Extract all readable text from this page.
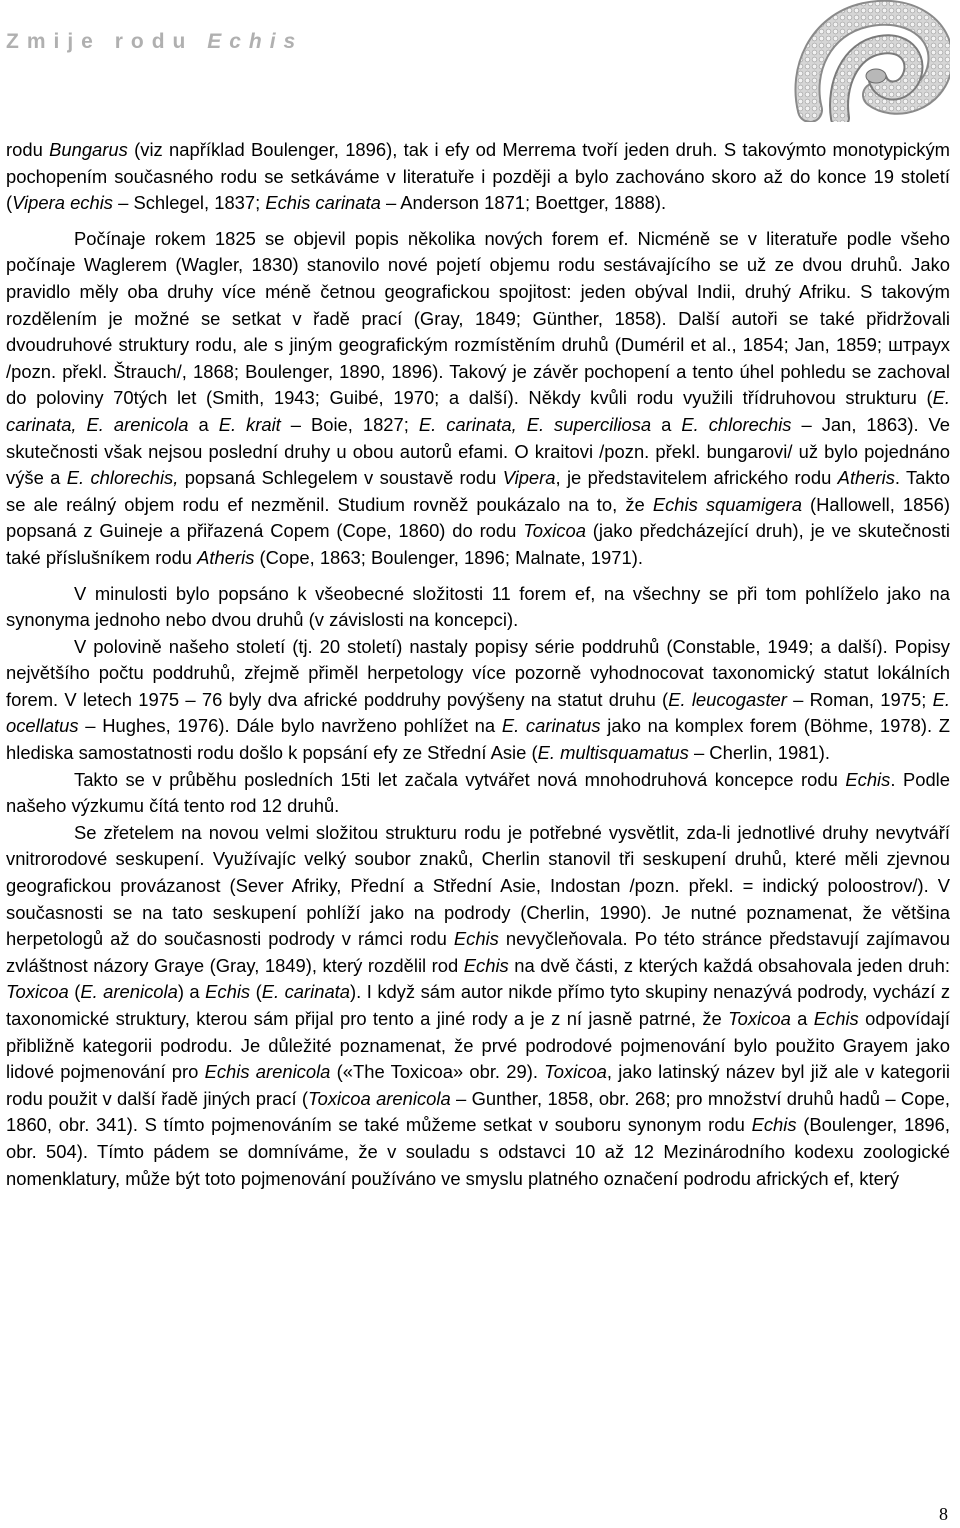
Zmije rodu Echis

rodu Bungarus (viz například Boulenger, 1896), tak i efy od Merrema tvoří jeden druh. S takovýmto monotypickým pochopením současného rodu se setkáváme v literatuře i později a bylo zachováno skoro až do konce 19 století (Vipera echis – Schlegel, 1837; Echis carinata – Anderson 1871; Boettger, 1888).

Počínaje rokem 1825 se objevil popis několika nových forem ef. Nicméně se v literatuře podle všeho počínaje Waglerem (Wagler, 1830) stanovilo nové pojetí objemu rodu sestávajícího se už ze dvou druhů. Jako pravidlo měly oba druhy více méně četnou geografickou spojitost: jeden obýval Indii, druhý Afriku. S takovým rozdělením je možné se setkat v řadě prací (Gray, 1849; Günther, 1858). Další autoři se také přidržovali dvoudruhové struktury rodu, ale s jiným geografickým rozmístěním druhů (Duméril et al., 1854; Jan, 1859; штраух /pozn. překl. Štrauch/, 1868; Boulenger, 1890, 1896). Takový je závěr pochopení a tento úhel pohledu se zachoval do poloviny 70tých let (Smith, 1943; Guibé, 1970; a další). Někdy kvůli rodu využili třídruhovou strukturu (E. carinata, E. arenicola a E. krait – Boie, 1827; E. carinata, E. superciliosa a E. chlorechis – Jan, 1863). Ve skutečnosti však nejsou poslední druhy u obou autorů efami. O kraitovi /pozn. překl. bungarovi/ už bylo pojednáno výše a E. chlorechis, popsaná Schlegelem v soustavě rodu Vipera, je představitelem afrického rodu Atheris. Takto se ale reálný objem rodu ef nezměnil. Studium rovněž poukázalo na to, že Echis squamigera (Hallowell, 1856) popsaná z Guineje a přiřazená Copem (Cope, 1860) do rodu Toxicoa (jako předcházející druh), je ve skutečnosti také příslušníkem rodu Atheris (Cope, 1863; Boulenger, 1896; Malnate, 1971).

V minulosti bylo popsáno k všeobecné složitosti 11 forem ef, na všechny se při tom pohlíželo jako na synonyma jednoho nebo dvou druhů (v závislosti na koncepci).

V polovině našeho století (tj. 20 století) nastaly popisy série poddruhů (Constable, 1949; a další). Popisy největšího počtu poddruhů, zřejmě přiměl herpetology více pozorně vyhodnocovat taxonomický statut lokálních forem. V letech 1975 – 76 byly dva africké poddruhy povýšeny na statut druhu (E. leucogaster – Roman, 1975; E. ocellatus – Hughes, 1976). Dále bylo navrženo pohlížet na E. carinatus jako na komplex forem (Böhme, 1978). Z hlediska samostatnosti rodu došlo k popsání efy ze Střední Asie (E. multisquamatus – Cherlin, 1981).

Takto se v průběhu posledních 15ti let začala vytvářet nová mnohodruhová koncepce rodu Echis. Podle našeho výzkumu čítá tento rod 12 druhů.

Se zřetelem na novou velmi složitou strukturu rodu je potřebné vysvětlit, zda-li jednotlivé druhy nevytváří vnitrorodové seskupení. Využívajíc velký soubor znaků, Cherlin stanovil tři seskupení druhů, které měli zjevnou geografickou provázanost (Sever Afriky, Přední a Střední Asie, Indostan /pozn. překl. = indický poloostrov/). V současnosti se na tato seskupení pohlíží jako na podrody (Cherlin, 1990). Je nutné poznamenat, že většina herpetologů až do současnosti podrody v rámci rodu Echis nevyčleňovala. Po této stránce představují zajímavou zvláštnost názory Graye (Gray, 1849), který rozdělil rod Echis na dvě části, z kterých každá obsahovala jeden druh: Toxicoa (E. arenicola) a Echis (E. carinata). I když sám autor nikde přímo tyto skupiny nenazývá podrody, vychází z taxonomické struktury, kterou sám přijal pro tento a jiné rody a je z ní jasně patrné, že Toxicoa a Echis odpovídají přibližně kategorii podrodu. Je důležité poznamenat, že prvé podrodové pojmenování bylo použito Grayem jako lidové pojmenování pro Echis arenicola («The Toxicoa» obr. 29). Toxicoa, jako latinský název byl již ale v kategorii rodu použit v další řadě jiných prací (Toxicoa arenicola – Gunther, 1858, obr. 268; pro množství druhů hadů – Cope, 1860, obr. 341). S tímto pojmenováním se také můžeme setkat v souboru synonym rodu Echis (Boulenger, 1896, obr. 504). Tímto pádem se domníváme, že v souladu s odstavci 10 až 12 Mezinárodního kodexu zoologické nomenklatury, může být toto pojmenování používáno ve smyslu platného označení podrodu afrických ef, který

8
